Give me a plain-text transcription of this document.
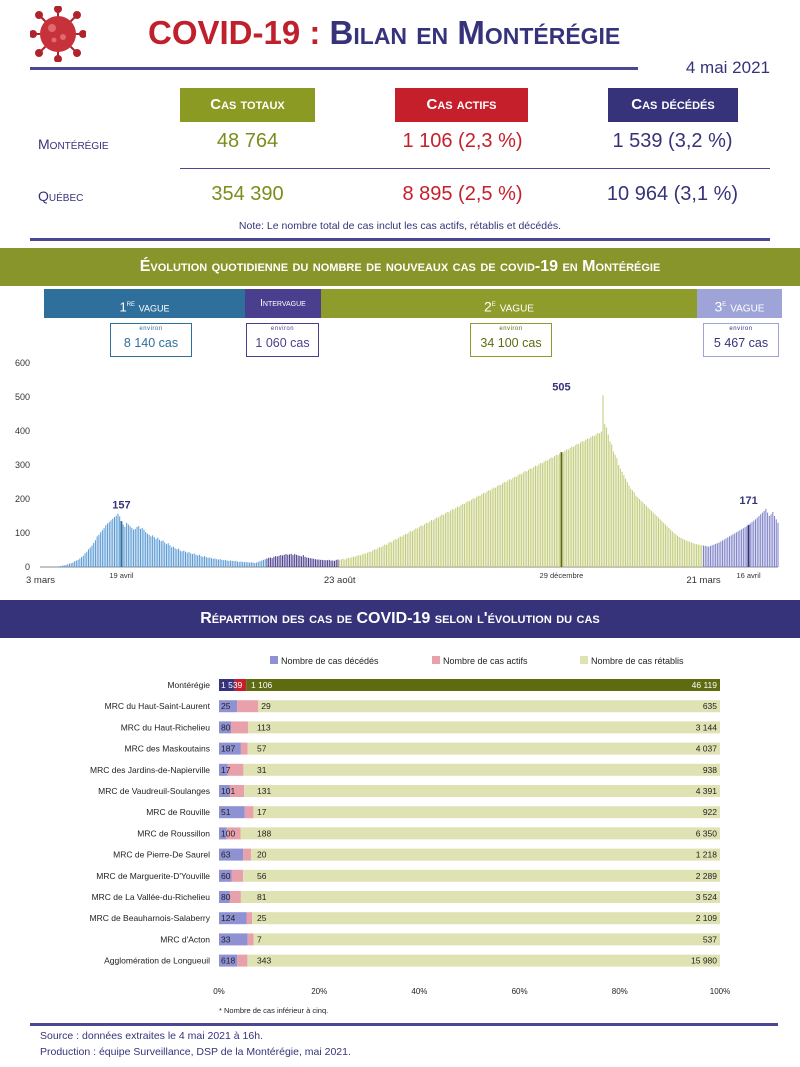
COVID-19 : Bilan en Montérégie
4 mai 2021
Cas totaux	Cas actifs	Cas décédés
Montérégie	48 764	1 106 (2,3 %)	1 539 (3,2 %)
Québec	354 390	8 895 (2,5 %)	10 964 (3,1 %)
Note: Le nombre total de cas inclut les cas actifs, rétablis et décédés.
Évolution quotidienne du nombre de nouveaux cas de covid-19 en Montérégie
1re vague	Intervague	2e vague	3e vague
environ
8 140 cas
environ
1 060 cas
environ
34 100 cas
environ
5 467 cas
0
100
200
300
400
500
600
157
505
171
3 mars	19 avril	23 août	29 décembre	21 mars 16 avril
Répartition des cas de COVID-19 selon l'évolution du cas
Nombre de cas décédés	Nombre de cas actifs	Nombre de cas rétablis
Montérégie 1 539 1 106	46 119
MRC du Haut-Saint-Laurent 25	29	635
MRC du Haut-Richelieu 80	113	3 144
MRC des Maskoutains 187	57	4 037
MRC des Jardins-de-Napierville 17	31	938
MRC de Vaudreuil-Soulanges 101	131	4 391
MRC de Rouville 51	17	922
MRC de Roussillon 100	188	6 350
MRC de Pierre-De Saurel 63	20	1 218
MRC de Marguerite-D'Youville 60	56	2 289
MRC de La Vallée-du-Richelieu 80	81	3 524
MRC de Beauharnois-Salaberry 124	25	2 109
MRC d'Acton 33	7	537
Agglomération de Longueuil 618	343	15 980
0%	20%	40%	60%	80%	100%
* Nombre de cas inférieur à cinq.
Source : données extraites le 4 mai 2021 à 16h.
Production : équipe Surveillance, DSP de la Montérégie, mai 2021.
